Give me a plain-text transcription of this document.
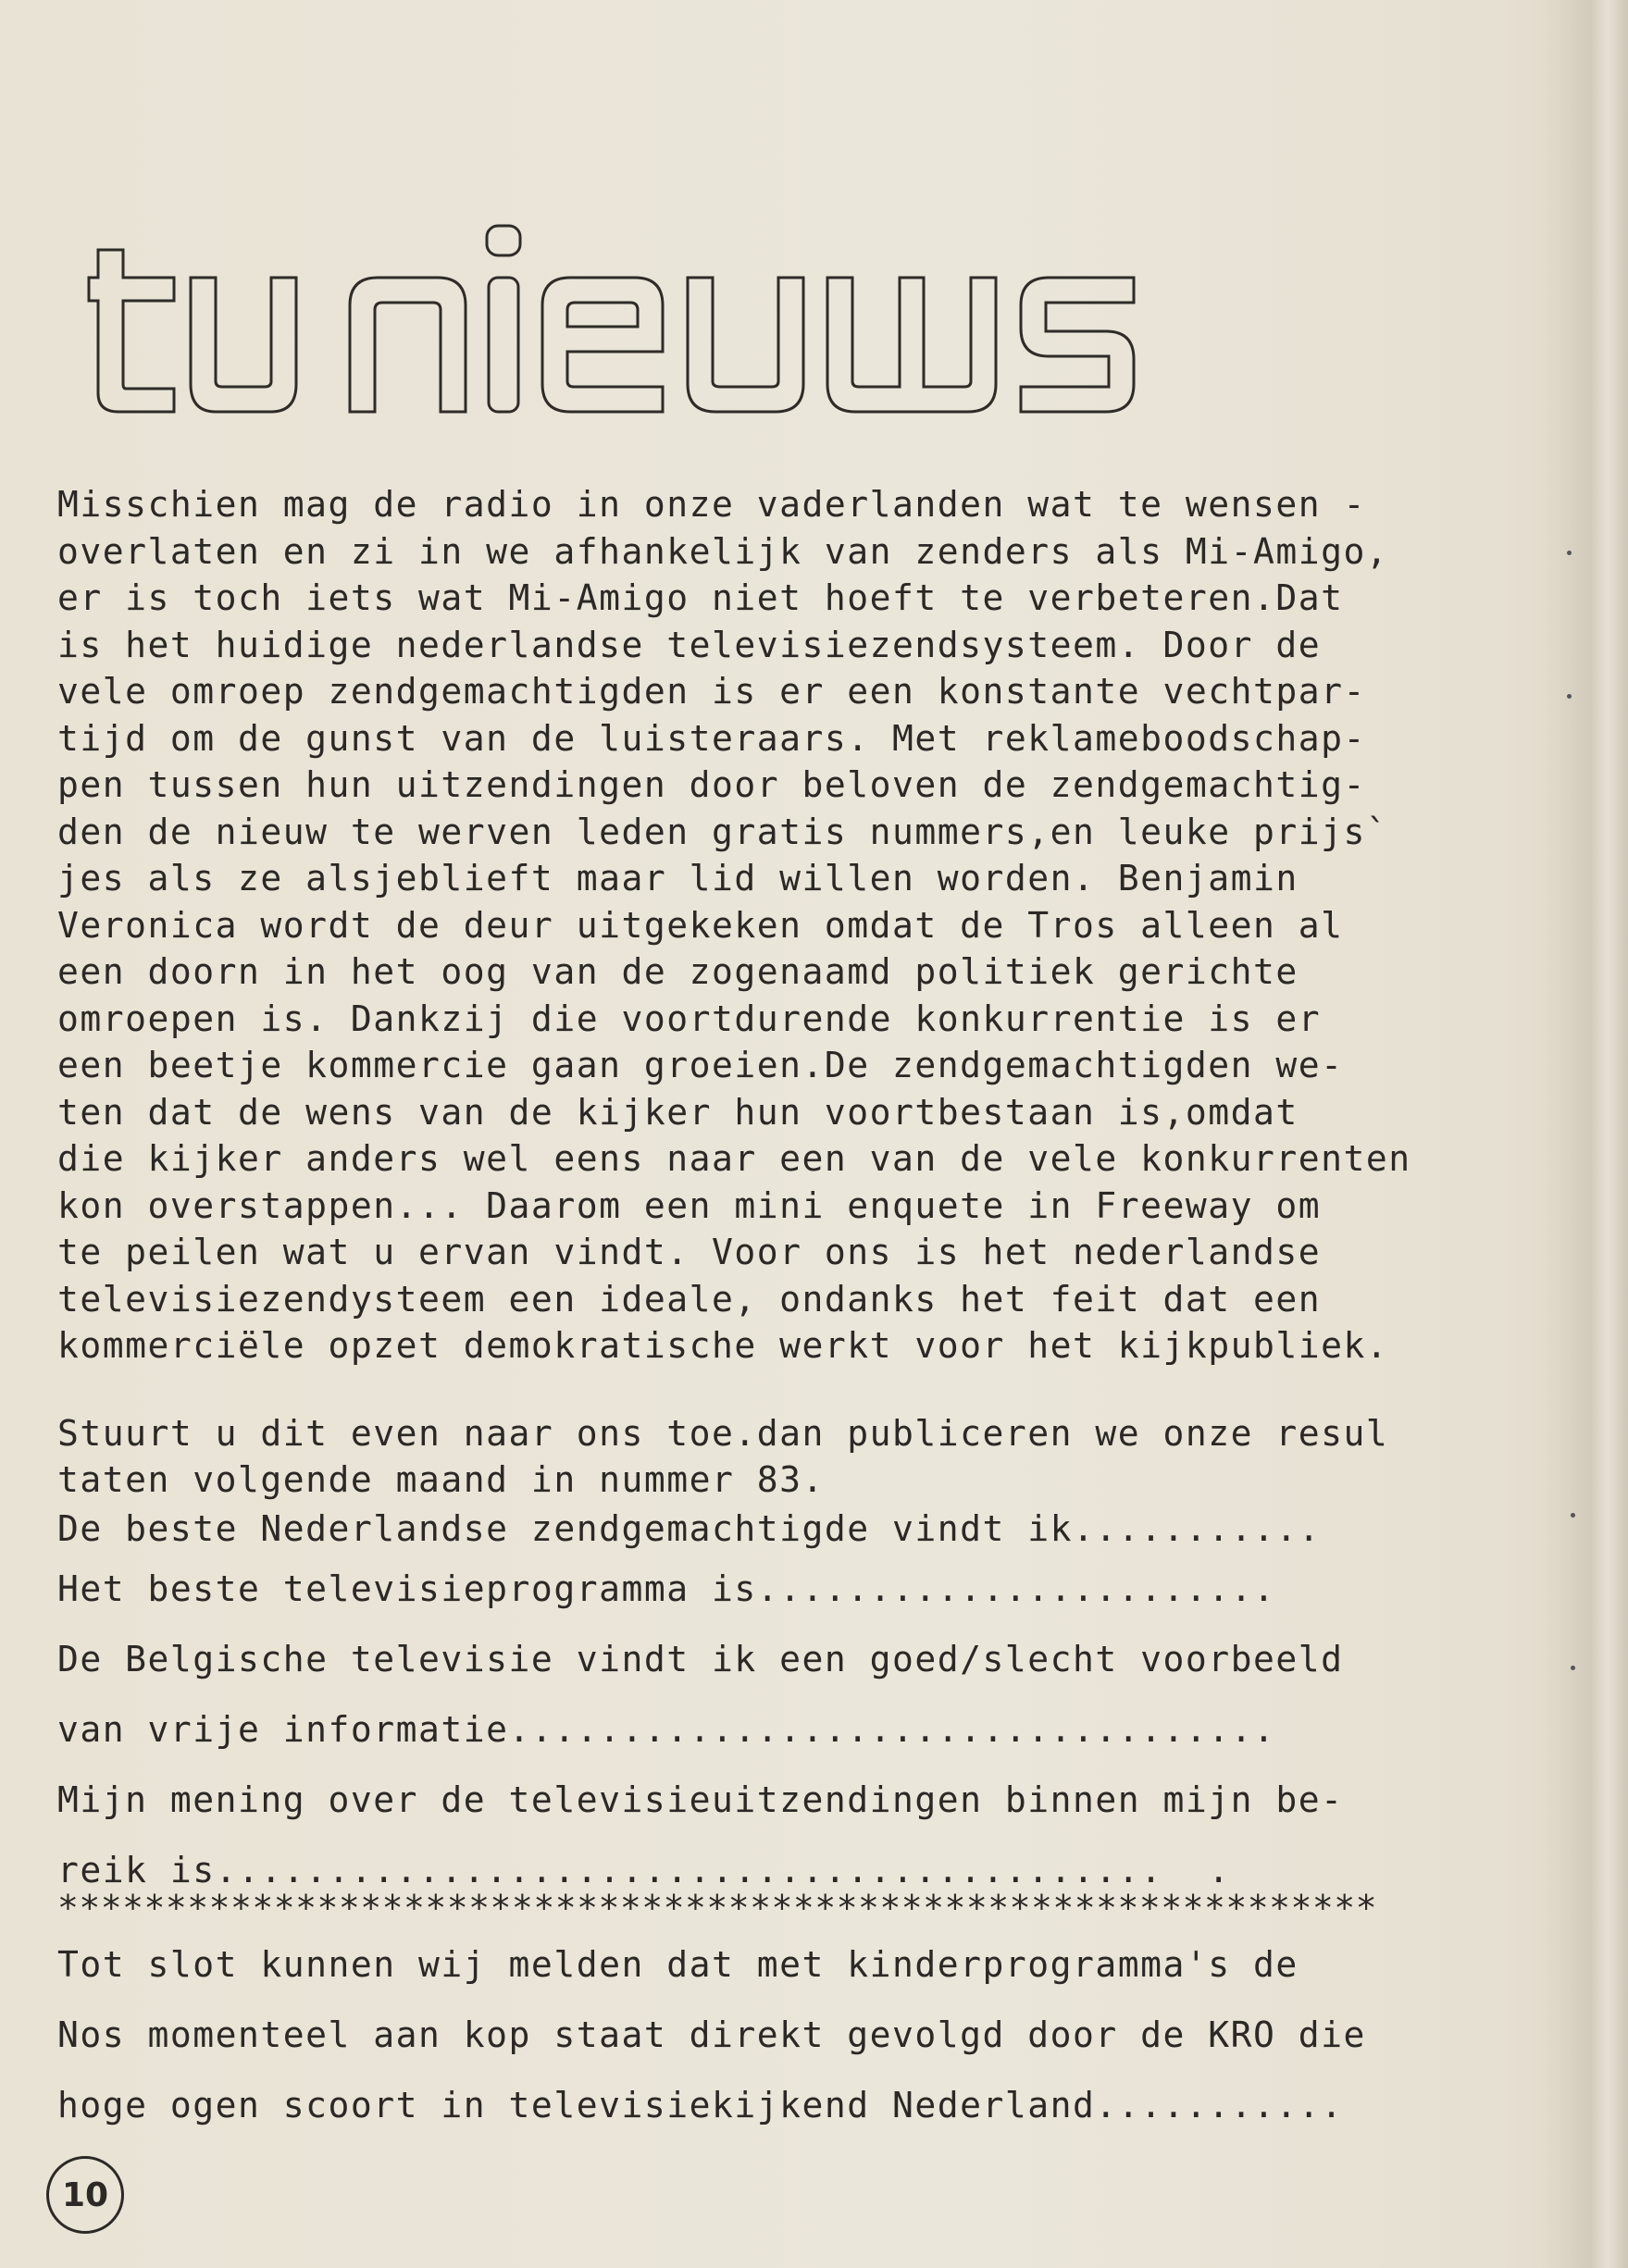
Misschien mag de radio in onze vaderlanden wat te wensen -
overlaten en zi in we afhankelijk van zenders als Mi-Amigo,
er is toch iets wat Mi-Amigo niet hoeft te verbeteren.Dat
is het huidige nederlandse televisiezendsysteem. Door de
vele omroep zendgemachtigden is er een konstante vechtpar-
tijd om de gunst van de luisteraars. Met reklameboodschap-
pen tussen hun uitzendingen door beloven de zendgemachtig-
den de nieuw te werven leden gratis nummers,en leuke prijs`
jes als ze alsjeblieft maar lid willen worden. Benjamin
Veronica wordt de deur uitgekeken omdat de Tros alleen al
een doorn in het oog van de zogenaamd politiek gerichte
omroepen is. Dankzij die voortdurende konkurrentie is er
een beetje kommercie gaan groeien.De zendgemachtigden we-
ten dat de wens van de kijker hun voortbestaan is,omdat
die kijker anders wel eens naar een van de vele konkurrenten
kon overstappen... Daarom een mini enquete in Freeway om
te peilen wat u ervan vindt. Voor ons is het nederlandse
televisiezendysteem een ideale, ondanks het feit dat een
kommerciële opzet demokratische werkt voor het kijkpubliek.
Stuurt u dit even naar ons toe.dan publiceren we onze resul
taten volgende maand in nummer 83.
De beste Nederlandse zendgemachtigde vindt ik...........
Het beste televisieprogramma is.......................
De Belgische televisie vindt ik een goed/slecht voorbeeld
van vrije informatie..................................
Mijn mening over de televisieuitzendingen binnen mijn be-
reik is..........................................  .
*************************************************************
Tot slot kunnen wij melden dat met kinderprogramma's de
Nos momenteel aan kop staat direkt gevolgd door de KRO die
hoge ogen scoort in televisiekijkend Nederland...........
10
